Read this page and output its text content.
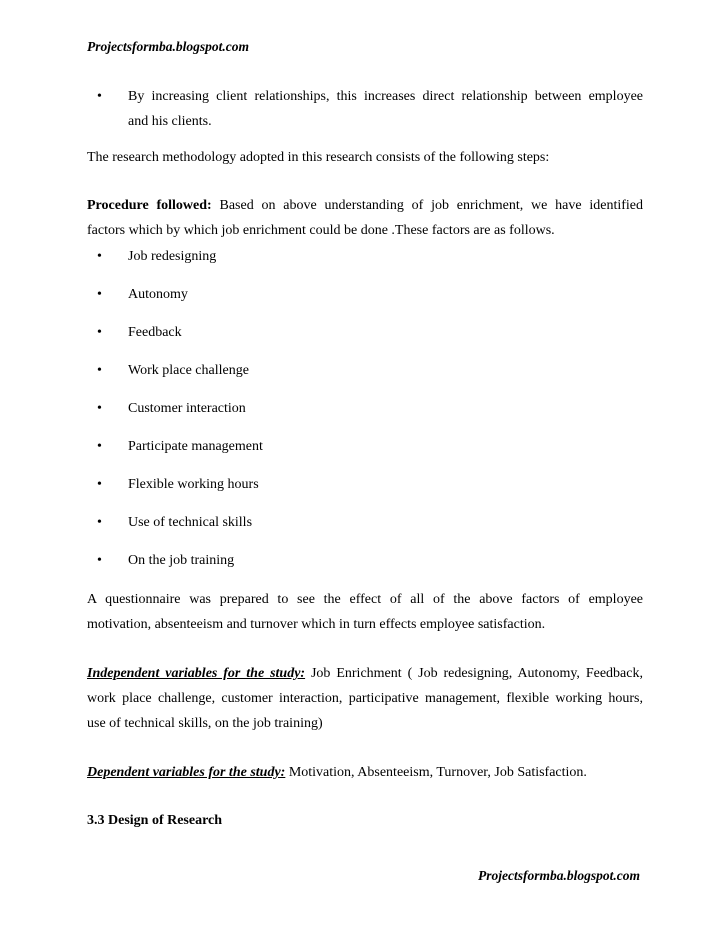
Projectsformba.blogspot.com
•	By increasing client relationships, this increases direct relationship between employee
and his clients.
The research methodology adopted in this research consists of the following steps:
Procedure followed: Based on above understanding of job enrichment, we have identified
factors which by which job enrichment could be done .These factors are as follows.
•	Job redesigning
•	Autonomy
•	Feedback
•	Work place challenge
•	Customer interaction
•	Participate management
•	Flexible working hours
•	Use of technical skills
•	On the job training
A questionnaire was prepared to see the effect of all of the above factors of employee
motivation, absenteeism and turnover which in turn effects employee satisfaction.
Independent variables for the study: Job Enrichment ( Job redesigning, Autonomy, Feedback,
work place challenge, customer interaction, participative management, flexible working hours,
use of technical skills, on the job training)
Dependent variables for the study: Motivation, Absenteeism, Turnover, Job Satisfaction.
3.3 Design of Research
Projectsformba.blogspot.com
